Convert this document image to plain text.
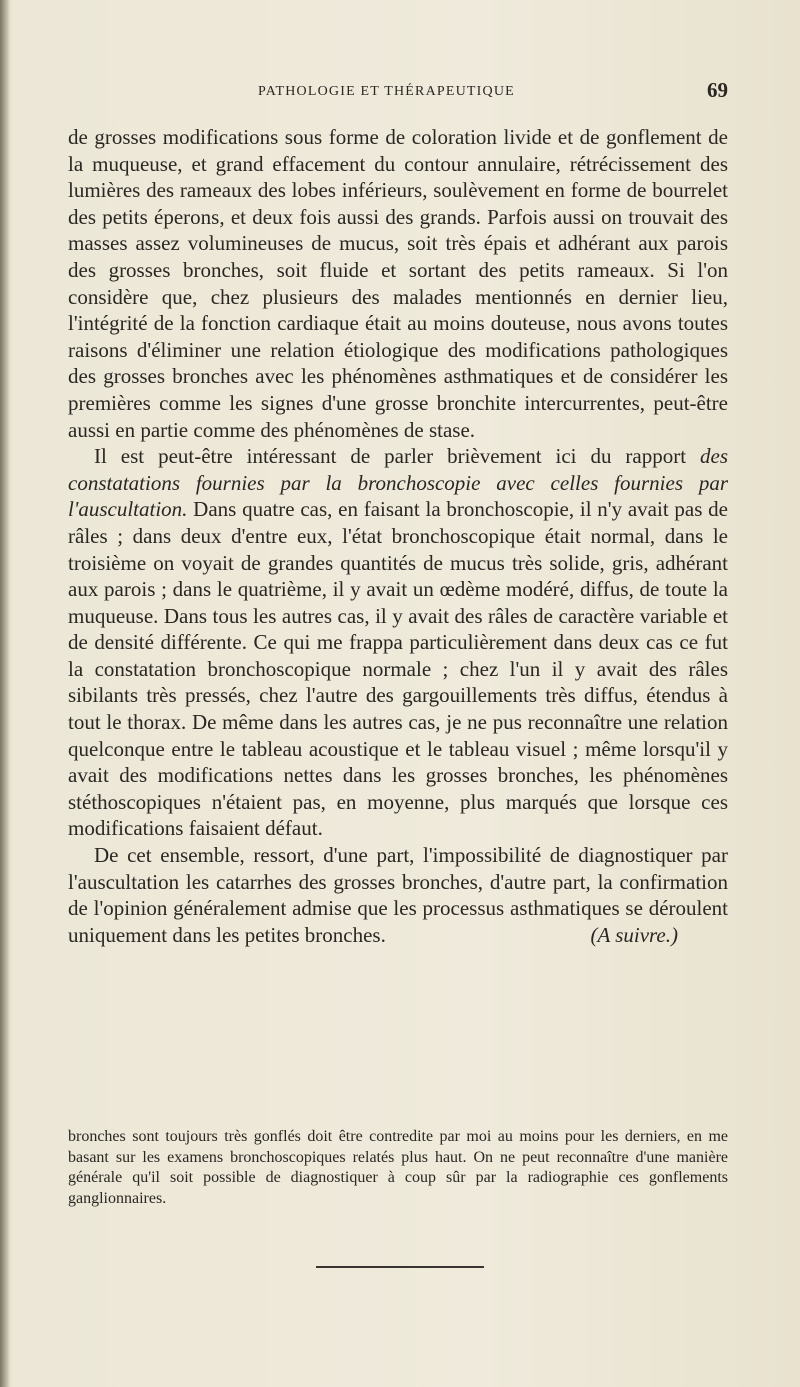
PATHOLOGIE ET THÉRAPEUTIQUE	69

de grosses modifications sous forme de coloration livide et de gonflement de la muqueuse, et grand effacement du contour annulaire, rétrécissement des lumières des rameaux des lobes inférieurs, soulèvement en forme de bourrelet des petits éperons, et deux fois aussi des grands. Parfois aussi on trouvait des masses assez volumineuses de mucus, soit très épais et adhérant aux parois des grosses bronches, soit fluide et sortant des petits rameaux. Si l'on considère que, chez plusieurs des malades mentionnés en dernier lieu, l'intégrité de la fonction cardiaque était au moins douteuse, nous avons toutes raisons d'éliminer une relation étiologique des modifications pathologiques des grosses bronches avec les phénomènes asthmatiques et de considérer les premières comme les signes d'une grosse bronchite intercurrentes, peut-être aussi en partie comme des phénomènes de stase.

Il est peut-être intéressant de parler brièvement ici du rapport des constatations fournies par la bronchoscopie avec celles fournies par l'auscultation. Dans quatre cas, en faisant la bronchoscopie, il n'y avait pas de râles ; dans deux d'entre eux, l'état bronchoscopique était normal, dans le troisième on voyait de grandes quantités de mucus très solide, gris, adhérant aux parois ; dans le quatrième, il y avait un œdème modéré, diffus, de toute la muqueuse. Dans tous les autres cas, il y avait des râles de caractère variable et de densité différente. Ce qui me frappa particulièrement dans deux cas ce fut la constatation bronchoscopique normale ; chez l'un il y avait des râles sibilants très pressés, chez l'autre des gargouillements très diffus, étendus à tout le thorax. De même dans les autres cas, je ne pus reconnaître une relation quelconque entre le tableau acoustique et le tableau visuel ; même lorsqu'il y avait des modifications nettes dans les grosses bronches, les phénomènes stéthoscopiques n'étaient pas, en moyenne, plus marqués que lorsque ces modifications faisaient défaut.

De cet ensemble, ressort, d'une part, l'impossibilité de diagnostiquer par l'auscultation les catarrhes des grosses bronches, d'autre part, la confirmation de l'opinion généralement admise que les processus asthmatiques se déroulent uniquement dans les petites bronches.	(A suivre.)

bronches sont toujours très gonflés doit être contredite par moi au moins pour les derniers, en me basant sur les examens bronchoscopiques relatés plus haut. On ne peut reconnaître d'une manière générale qu'il soit possible de diagnostiquer à coup sûr par la radiographie ces gonflements ganglionnaires.
